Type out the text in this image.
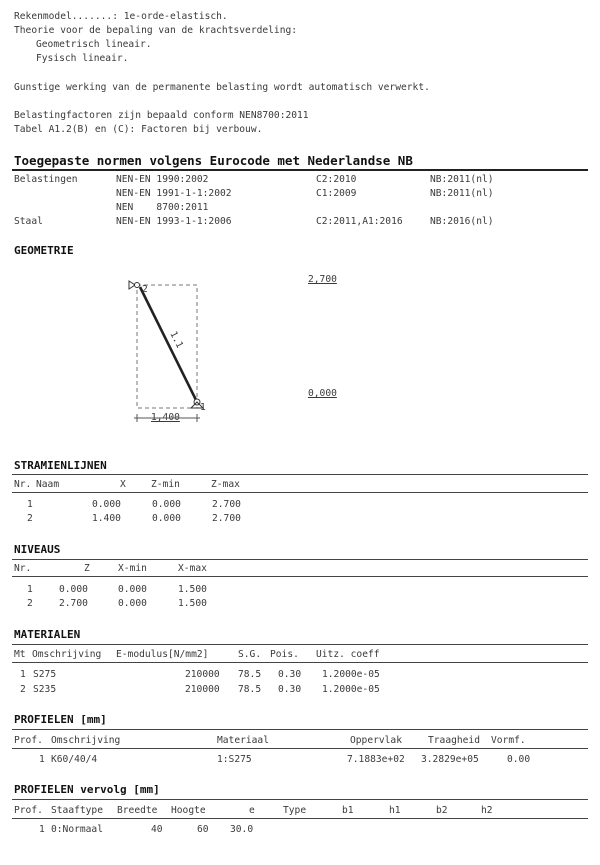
Rekenmodel.......: 1e-orde-elastisch.
Theorie voor de bepaling van de krachtsverdeling:
Geometrisch lineair.
Fysisch lineair.
Gunstige werking van de permanente belasting wordt automatisch verwerkt.
Belastingfactoren zijn bepaald conform NEN8700:2011
Tabel A1.2(B) en (C): Factoren bij verbouw.
Toegepaste normen volgens Eurocode met Nederlandse NB
Belastingen	NEN-EN 1990:2002	C2:2010	NB:2011(nl)
NEN-EN 1991-1-1:2002	C1:2009	NB:2011(nl)
NEN    8700:2011
Staal	NEN-EN 1993-1-1:2006	C2:2011,A1:2016	NB:2016(nl)
GEOMETRIE
2,700
0,000
1,400
2
1
1.1
STRAMIENLIJNEN
Nr. Naam	X	Z-min	Z-max
1	0.000	0.000	2.700
2	1.400	0.000	2.700
NIVEAUS
Nr.	Z	X-min	X-max
1	0.000	0.000	1.500
2	2.700	0.000	1.500
MATERIALEN
Mt Omschrijving E-modulus[N/mm2]	S.G. Pois. Uitz. coeff
1 S275	210000 78.5 0.30 1.2000e-05
2 S235	210000 78.5 0.30 1.2000e-05
PROFIELEN [mm]
Prof. Omschrijving	Materiaal	Oppervlak	Traagheid Vormf.
1 K60/40/4	1:S275	7.1883e+02 3.2829e+05	0.00
PROFIELEN vervolg [mm]
Prof. Staaftype Breedte Hoogte	e	Type	b1	h1	b2	h2
1 0:Normaal	40	60 30.0
